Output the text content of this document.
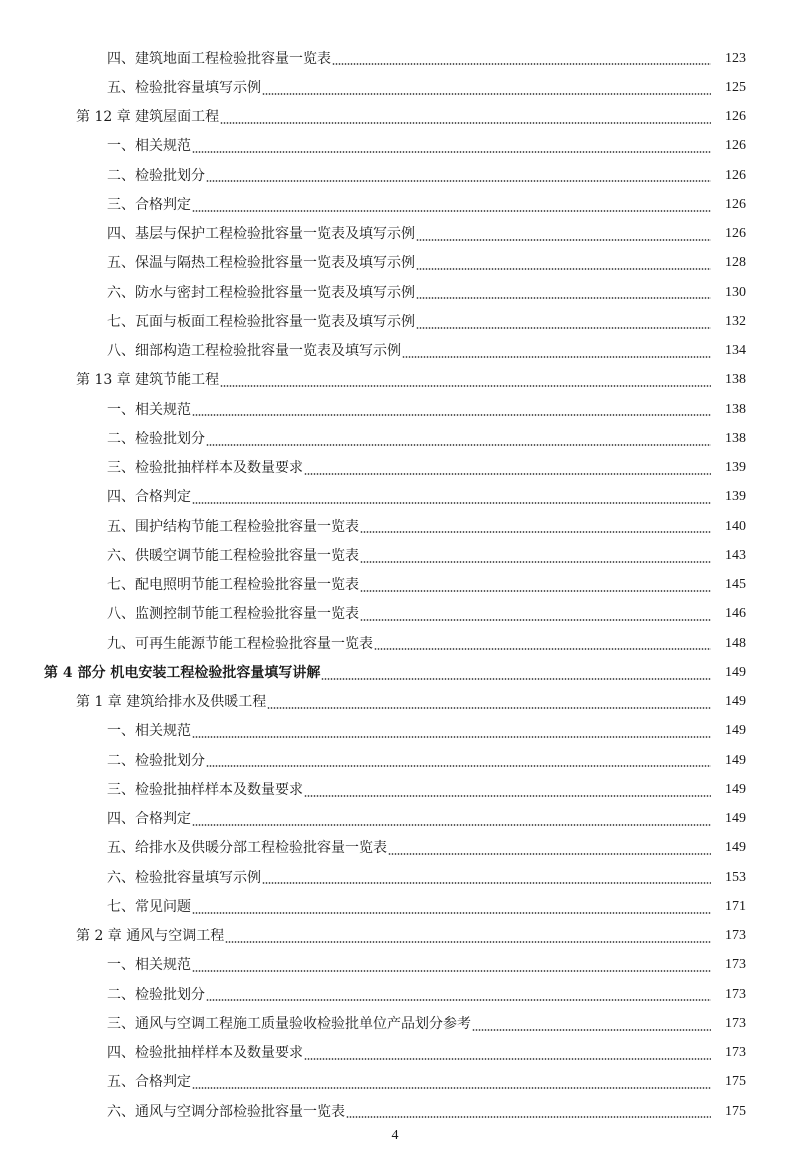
四、建筑地面工程检验批容量一览表	123
五、检验批容量填写示例	125
第 12 章 建筑屋面工程	126
一、相关规范	126
二、检验批划分	126
三、合格判定	126
四、基层与保护工程检验批容量一览表及填写示例	126
五、保温与隔热工程检验批容量一览表及填写示例	128
六、防水与密封工程检验批容量一览表及填写示例	130
七、瓦面与板面工程检验批容量一览表及填写示例	132
八、细部构造工程检验批容量一览表及填写示例	134
第 13 章 建筑节能工程	138
一、相关规范	138
二、检验批划分	138
三、检验批抽样样本及数量要求	139
四、合格判定	139
五、围护结构节能工程检验批容量一览表	140
六、供暖空调节能工程检验批容量一览表	143
七、配电照明节能工程检验批容量一览表	145
八、监测控制节能工程检验批容量一览表	146
九、可再生能源节能工程检验批容量一览表	148
第 4 部分 机电安装工程检验批容量填写讲解	149
第 1 章 建筑给排水及供暖工程	149
一、相关规范	149
二、检验批划分	149
三、检验批抽样样本及数量要求	149
四、合格判定	149
五、给排水及供暖分部工程检验批容量一览表	149
六、检验批容量填写示例	153
七、常见问题	171
第 2 章 通风与空调工程	173
一、相关规范	173
二、检验批划分	173
三、通风与空调工程施工质量验收检验批单位产品划分参考	173
四、检验批抽样样本及数量要求	173
五、合格判定	175
六、通风与空调分部检验批容量一览表	175
4
